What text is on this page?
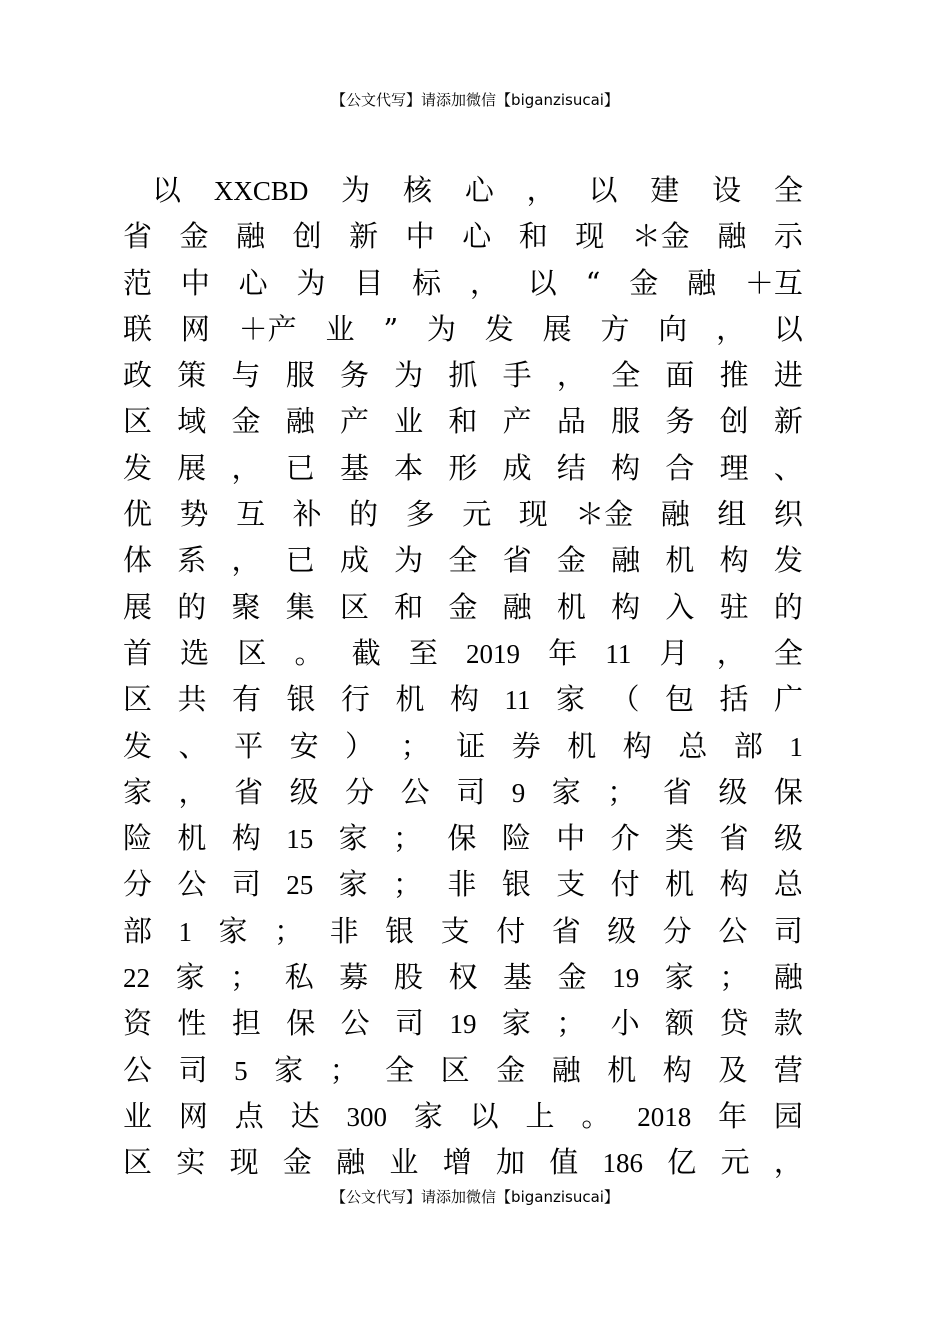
【公文代写】请添加微信【biganzisucai】
　以 XXCBD 为 核 心 ， 以 建 设 全
省 金 融 创 新 中 心 和 现 ＊金 融 示
范 中 心 为 目 标 ， 以 “ 金 融 ＋互
联 网 ＋产 业 ” 为 发 展 方 向 ， 以
政 策 与 服 务 为 抓 手 ， 全 面 推 进
区 域 金 融 产 业 和 产 品 服 务 创 新
发 展 ， 已 基 本 形 成 结 构 合 理 、
优 势 互 补 的 多 元 现 ＊金 融 组 织
体 系 ， 已 成 为 全 省 金 融 机 构 发
展 的 聚 集 区 和 金 融 机 构 入 驻 的
首 选 区 。 截 至 2019 年 11 月 ， 全
区 共 有 银 行 机 构 11 家 （ 包 括 广
发 、 平 安 ） ； 证 券 机 构 总 部 1
家 ， 省 级 分 公 司 9 家 ； 省 级 保
险 机 构 15 家 ； 保 险 中 介 类 省 级
分 公 司 25 家 ； 非 银 支 付 机 构 总
部 1 家 ； 非 银 支 付 省 级 分 公 司
22 家 ； 私 募 股 权 基 金 19 家 ； 融
资 性 担 保 公 司 19 家 ； 小 额 贷 款
公 司 5 家 ； 全 区 金 融 机 构 及 营
业 网 点 达 300 家 以 上 。 2018 年 园
区 实 现 金 融 业 增 加 值 186 亿 元 ，
【公文代写】请添加微信【biganzisucai】
